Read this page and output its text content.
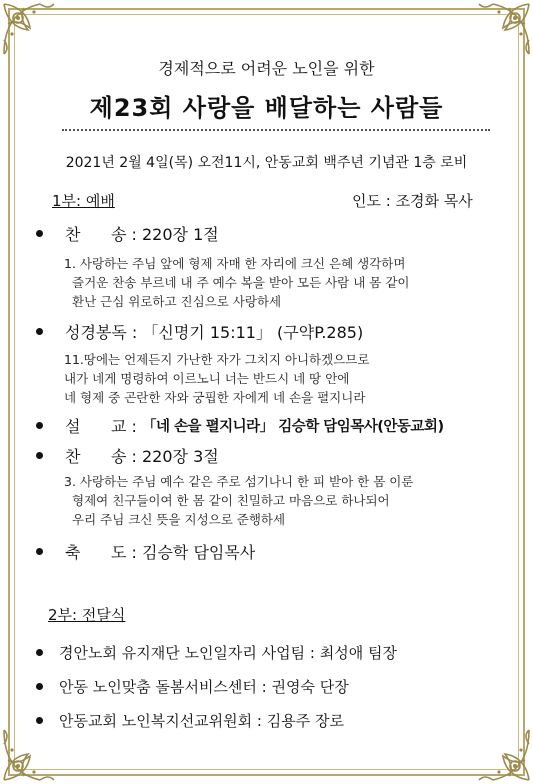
경제적으로 어려운 노인을 위한
제23회 사랑을 배달하는 사람들
2021년 2월 4일(목) 오전11시, 안동교회 백주년 기념관 1층 로비
1부: 예배	인도 : 조경화 목사
찬      송 : 220장 1절
1. 사랑하는 주님 앞에 형제 자매 한 자리에 크신 은혜 생각하며
즐거운 찬송 부르네 내 주 예수 복을 받아 모든 사람 내 몸 같이
환난 근심 위로하고 진심으로 사랑하세
성경봉독 : 「신명기 15:11」 (구약P.285)
11.땅에는 언제든지 가난한 자가 그치지 아니하겠으므로
내가 네게 명령하여 이르노니 너는 반드시 네 땅 안에
네 형제 중 곤란한 자와 궁핍한 자에게 네 손을 펼지니라
설      교 : 「네 손을 펼지니라」 김승학 담임목사(안동교회)
찬      송 : 220장 3절
3. 사랑하는 주님 예수 같은 주로 섬기나니 한 피 받아 한 몸 이룬
형제여 친구들이여 한 몸 같이 친밀하고 마음으로 하나되어
우리 주님 크신 뜻을 지성으로 준행하세
축      도 : 김승학 담임목사
2부: 전달식
경안노회 유지재단 노인일자리 사업팀 : 최성애 팀장
안동 노인맞춤 돌봄서비스센터 : 권영숙 단장
안동교회 노인복지선교위원회 : 김용주 장로
